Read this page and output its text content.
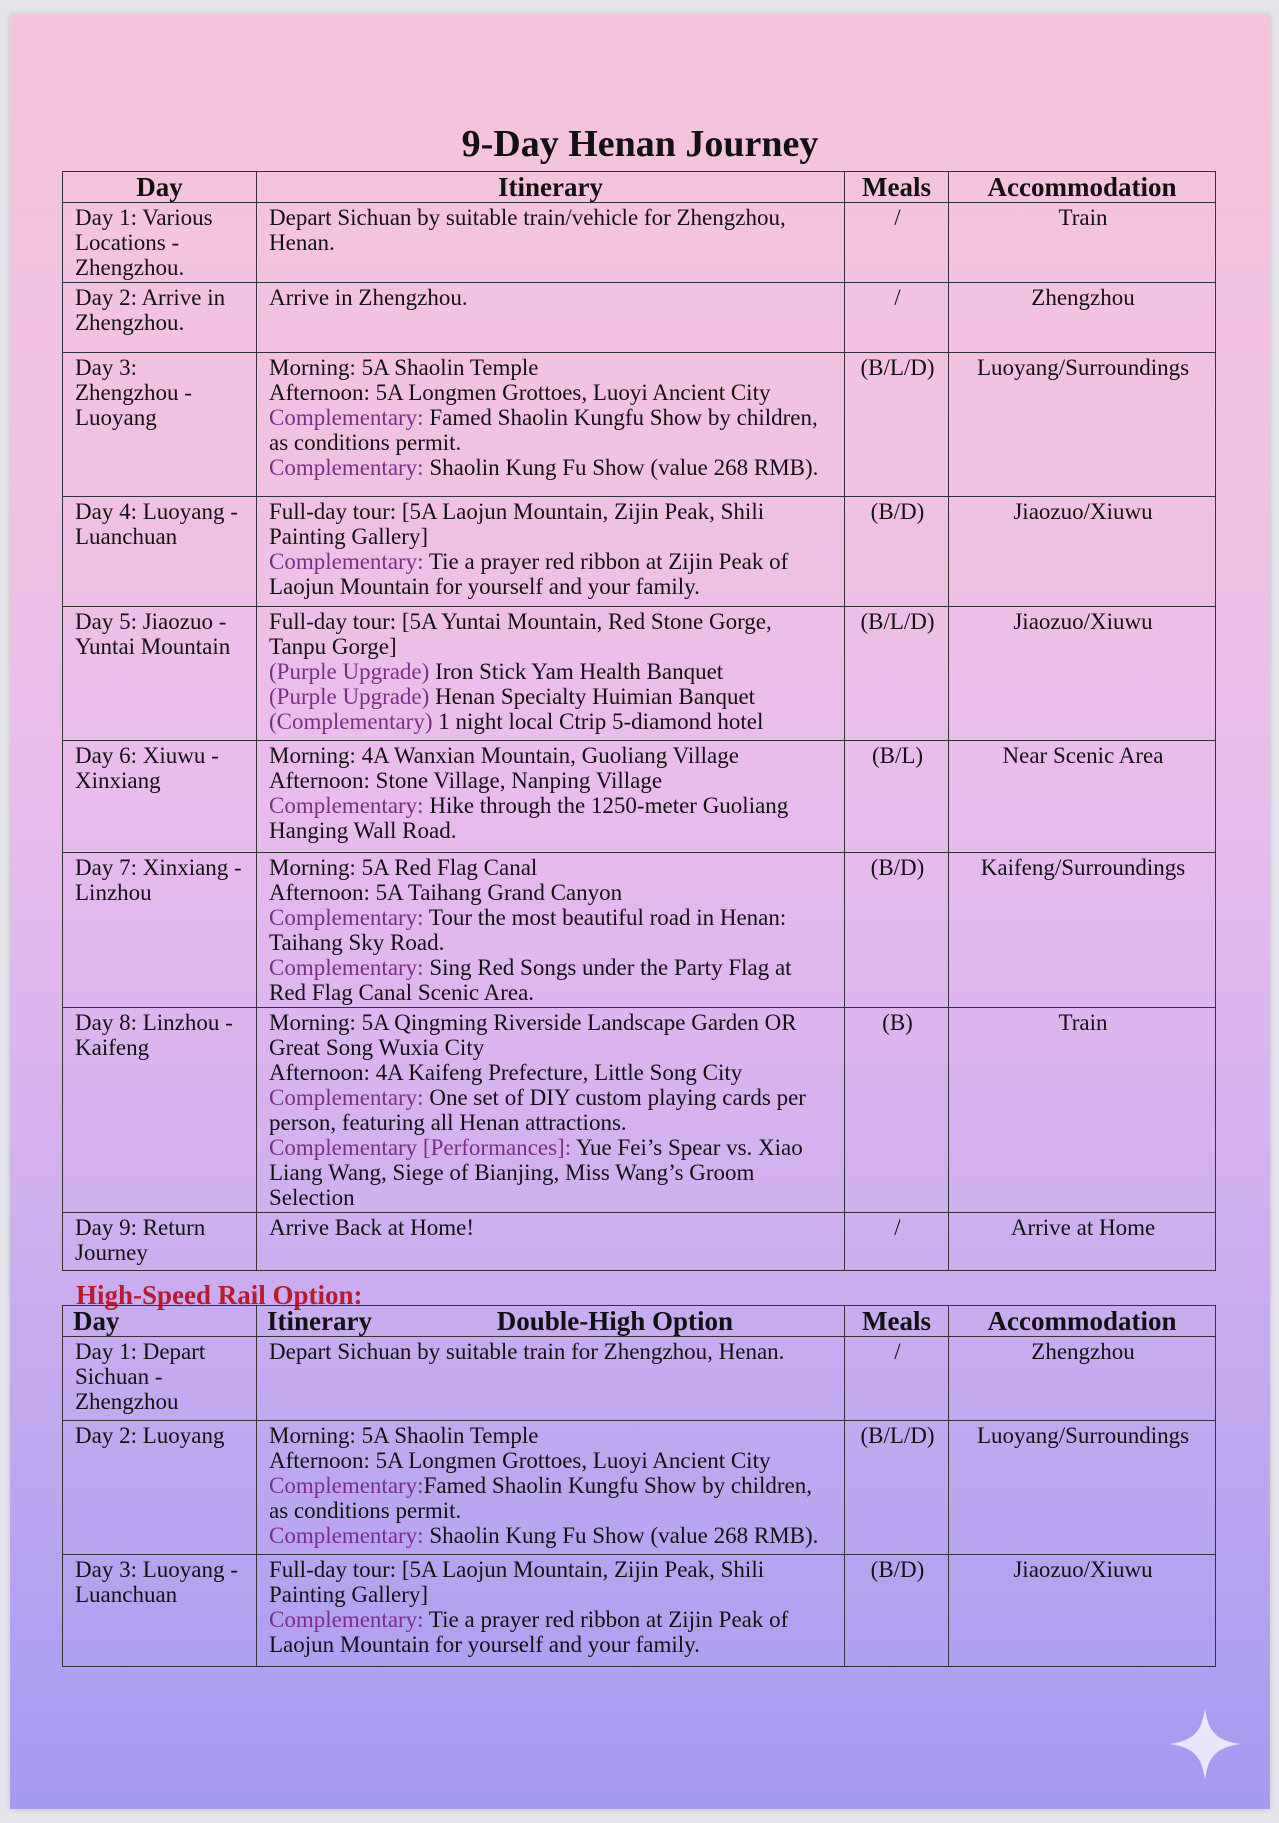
9-Day Henan Journey
Day	Itinerary	Meals	Accommodation
Day 1: Various Locations - Zhengzhou.	Depart Sichuan by suitable train/vehicle for Zhengzhou, Henan.	/	Train
Day 2: Arrive in Zhengzhou.	Arrive in Zhengzhou.	/	Zhengzhou
Day 3: Zhengzhou - Luoyang	Morning: 5A Shaolin Temple
Afternoon: 5A Longmen Grottoes, Luoyi Ancient City
Complementary: Famed Shaolin Kungfu Show by children, as conditions permit.
Complementary: Shaolin Kung Fu Show (value 268 RMB).	(B/L/D)	Luoyang/Surroundings
Day 4: Luoyang - Luanchuan	Full-day tour: [5A Laojun Mountain, Zijin Peak, Shili Painting Gallery]
Complementary: Tie a prayer red ribbon at Zijin Peak of Laojun Mountain for yourself and your family.	(B/D)	Jiaozuo/Xiuwu
Day 5: Jiaozuo - Yuntai Mountain	Full-day tour: [5A Yuntai Mountain, Red Stone Gorge, Tanpu Gorge]
(Purple Upgrade) Iron Stick Yam Health Banquet
(Purple Upgrade) Henan Specialty Huimian Banquet
(Complementary) 1 night local Ctrip 5-diamond hotel	(B/L/D)	Jiaozuo/Xiuwu
Day 6: Xiuwu - Xinxiang	Morning: 4A Wanxian Mountain, Guoliang Village
Afternoon: Stone Village, Nanping Village
Complementary: Hike through the 1250-meter Guoliang Hanging Wall Road.	(B/L)	Near Scenic Area
Day 7: Xinxiang - Linzhou	Morning: 5A Red Flag Canal
Afternoon: 5A Taihang Grand Canyon
Complementary: Tour the most beautiful road in Henan: Taihang Sky Road.
Complementary: Sing Red Songs under the Party Flag at Red Flag Canal Scenic Area.	(B/D)	Kaifeng/Surroundings
Day 8: Linzhou - Kaifeng	Morning: 5A Qingming Riverside Landscape Garden OR Great Song Wuxia City
Afternoon: 4A Kaifeng Prefecture, Little Song City
Complementary: One set of DIY custom playing cards per person, featuring all Henan attractions.
Complementary [Performances]: Yue Fei’s Spear vs. Xiao Liang Wang, Siege of Bianjing, Miss Wang’s Groom Selection	(B)	Train
Day 9: Return Journey	Arrive Back at Home!	/	Arrive at Home
High-Speed Rail Option:
Day	Itinerary Double-High Option	Meals	Accommodation
Day 1: Depart Sichuan - Zhengzhou	Depart Sichuan by suitable train for Zhengzhou, Henan.	/	Zhengzhou
Day 2: Luoyang	Morning: 5A Shaolin Temple
Afternoon: 5A Longmen Grottoes, Luoyi Ancient City
Complementary:Famed Shaolin Kungfu Show by children, as conditions permit.
Complementary: Shaolin Kung Fu Show (value 268 RMB).	(B/L/D)	Luoyang/Surroundings
Day 3: Luoyang - Luanchuan	Full-day tour: [5A Laojun Mountain, Zijin Peak, Shili Painting Gallery]
Complementary: Tie a prayer red ribbon at Zijin Peak of Laojun Mountain for yourself and your family.	(B/D)	Jiaozuo/Xiuwu
